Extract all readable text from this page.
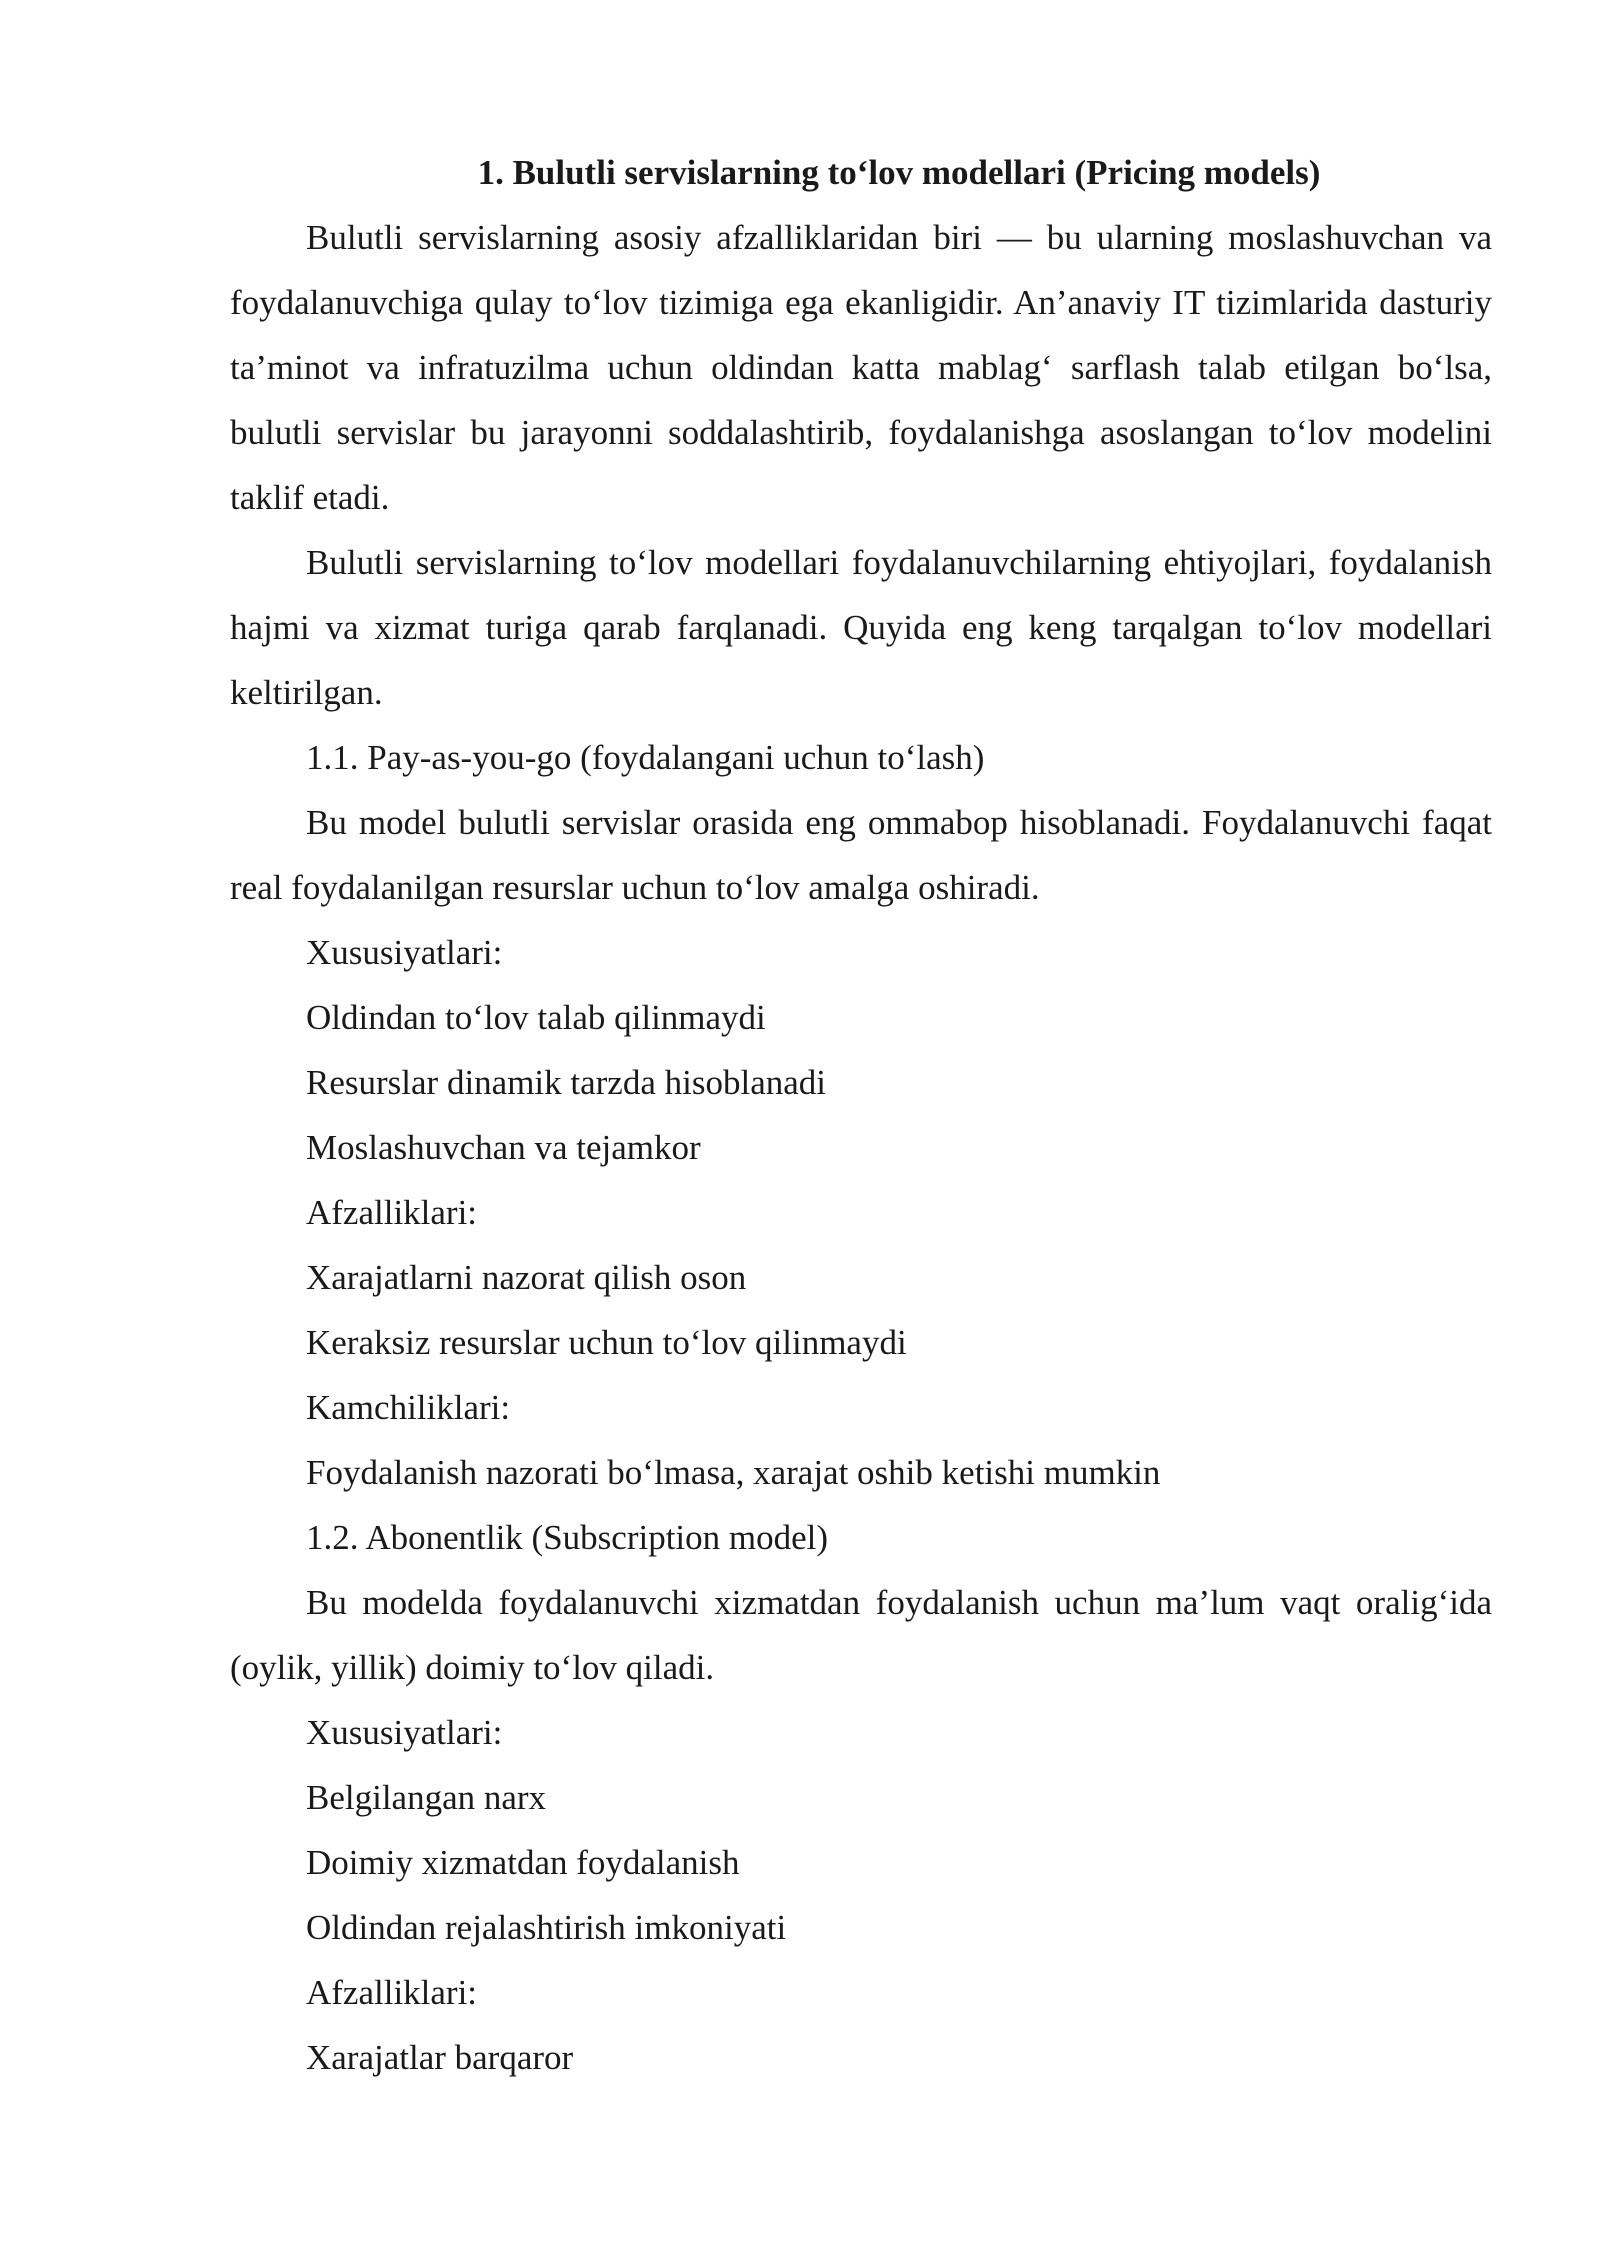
1. Bulutli servislarning to‘lov modellari (Pricing models)

Bulutli servislarning asosiy afzalliklaridan biri — bu ularning moslashuvchan va foydalanuvchiga qulay to‘lov tizimiga ega ekanligidir. An’anaviy IT tizimlarida dasturiy ta’minot va infratuzilma uchun oldindan katta mablag‘ sarflash talab etilgan bo‘lsa, bulutli servislar bu jarayonni soddalashtirib, foydalanishga asoslangan to‘lov modelini taklif etadi.

Bulutli servislarning to‘lov modellari foydalanuvchilarning ehtiyojlari, foydalanish hajmi va xizmat turiga qarab farqlanadi. Quyida eng keng tarqalgan to‘lov modellari keltirilgan.

1.1. Pay-as-you-go (foydalangani uchun to‘lash)

Bu model bulutli servislar orasida eng ommabop hisoblanadi. Foydalanuvchi faqat real foydalanilgan resurslar uchun to‘lov amalga oshiradi.

Xususiyatlari:

Oldindan to‘lov talab qilinmaydi

Resurslar dinamik tarzda hisoblanadi

Moslashuvchan va tejamkor

Afzalliklari:

Xarajatlarni nazorat qilish oson

Keraksiz resurslar uchun to‘lov qilinmaydi

Kamchiliklari:

Foydalanish nazorati bo‘lmasa, xarajat oshib ketishi mumkin

1.2. Abonentlik (Subscription model)

Bu modelda foydalanuvchi xizmatdan foydalanish uchun ma’lum vaqt oralig‘ida (oylik, yillik) doimiy to‘lov qiladi.

Xususiyatlari:

Belgilangan narx

Doimiy xizmatdan foydalanish

Oldindan rejalashtirish imkoniyati

Afzalliklari:

Xarajatlar barqaror
